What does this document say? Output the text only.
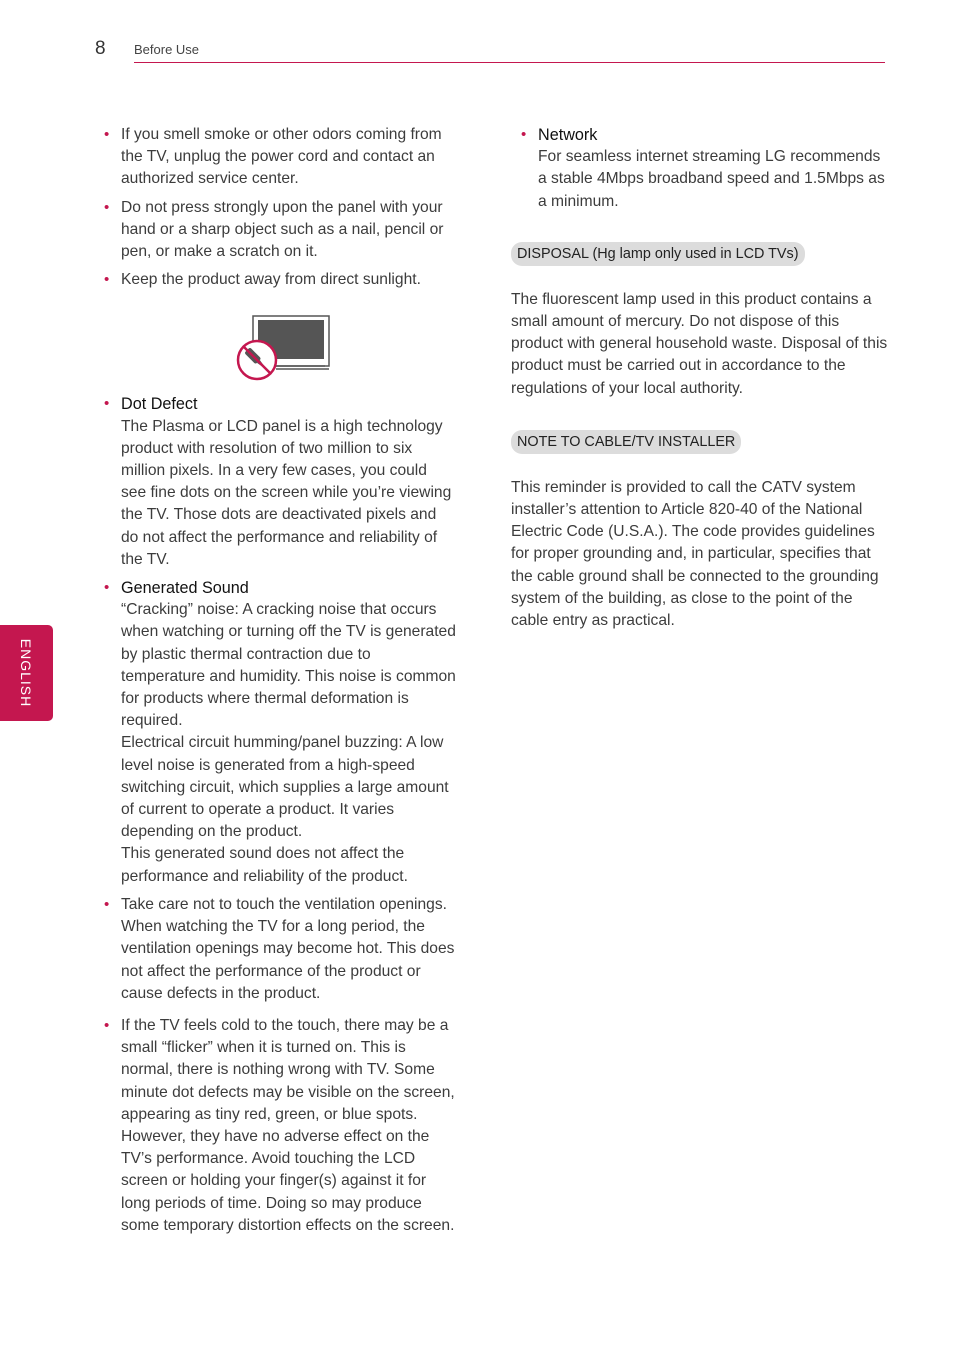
8 Before Use
ENGLISH
• If you smell smoke or other odors coming from the TV, unplug the power cord and contact an authorized service center.

• Do not press strongly upon the panel with your hand or a sharp object such as a nail, pencil or pen, or make a scratch on it.

• Keep the product away from direct sunlight.

• Dot Defect

The Plasma or LCD panel is a high technology product with resolution of two million to six million pixels. In a very few cases, you could see fine dots on the screen while you’re viewing the TV. Those dots are deactivated pixels and do not affect the performance and reliability of the TV.

• Generated Sound

“Cracking” noise: A cracking noise that occurs when watching or turning off the TV is generated by plastic thermal contraction due to temperature and humidity. This noise is common for products where thermal deformation is required.

Electrical circuit humming/panel buzzing: A low level noise is generated from a high-speed switching circuit, which supplies a large amount of current to operate a product. It varies depending on the product.

This generated sound does not affect the performance and reliability of the product.

• Take care not to touch the ventilation openings. When watching the TV for a long period, the ventilation openings may become hot. This does not affect the performance of the product or cause defects in the product.

• If the TV feels cold to the touch, there may be a small “flicker” when it is turned on. This is normal, there is nothing wrong with TV. Some minute dot defects may be visible on the screen, appearing as tiny red, green, or blue spots. However, they have no adverse effect on the TV’s performance. Avoid touching the LCD screen or holding your finger(s) against it for long periods of time. Doing so may produce some temporary distortion effects on the screen.

• Network

For seamless internet streaming LG recommends a stable 4Mbps broadband speed and 1.5Mbps as a minimum.

DISPOSAL (Hg lamp only used in LCD TVs)

The fluorescent lamp used in this product contains a small amount of mercury. Do not dispose of this product with general household waste. Disposal of this product must be carried out in accordance to the regulations of your local authority.

NOTE TO CABLE/TV INSTALLER

This reminder is provided to call the CATV system installer’s attention to Article 820-40 of the National Electric Code (U.S.A.). The code provides guidelines for proper grounding and, in particular, specifies that the cable ground shall be connected to the grounding system of the building, as close to the point of the cable entry as practical.
